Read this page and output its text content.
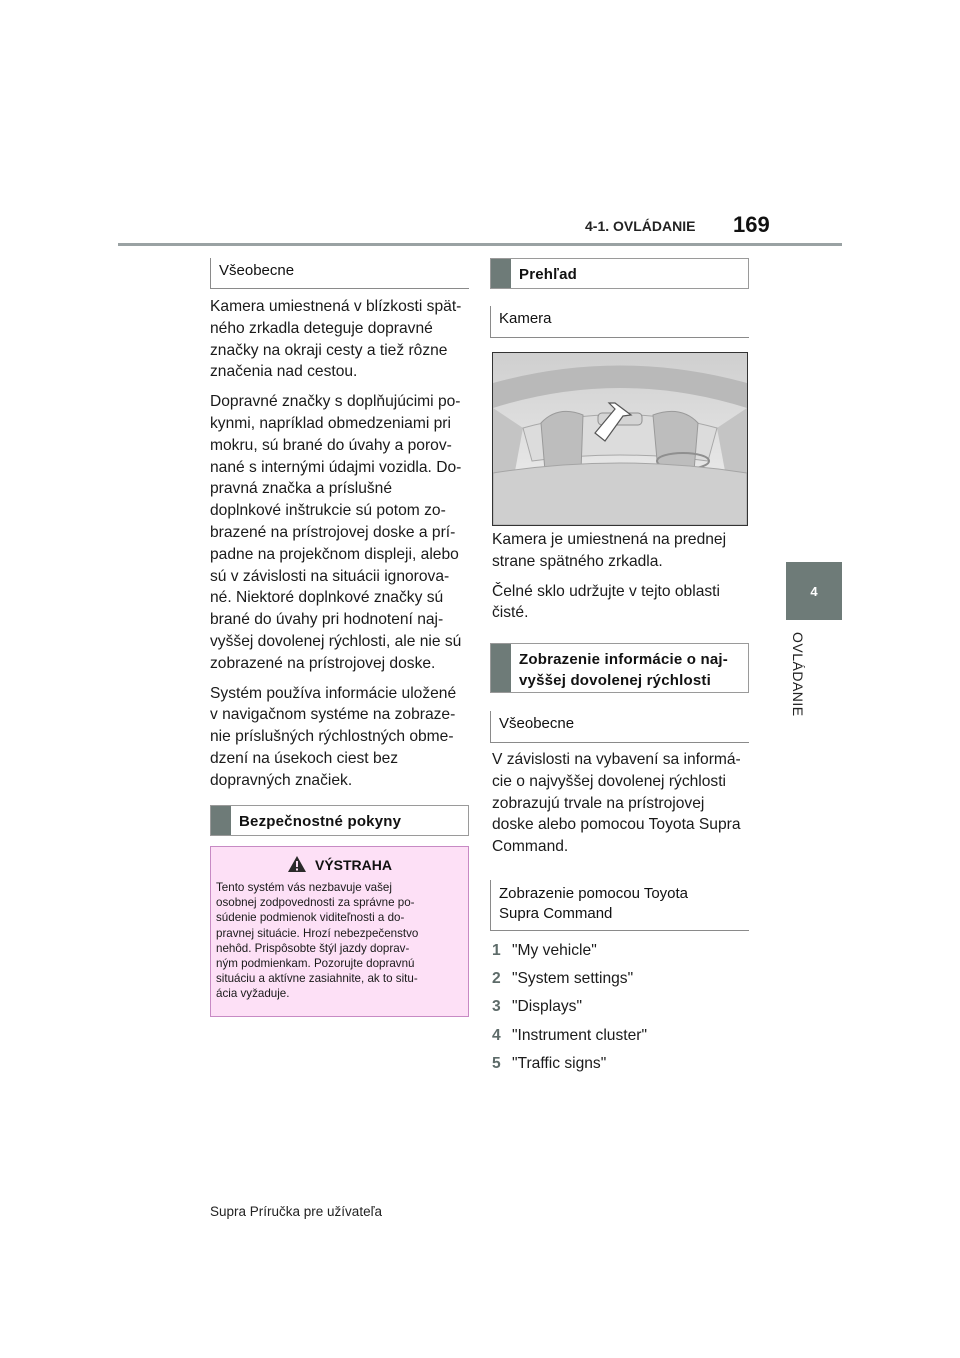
4-1. OVLÁDANIE 169
4
OVLÁDANIE
Všeobecne

Kamera umiestnená v blízkosti spät-
ného zrkadla deteguje dopravné
značky na okraji cesty a tiež rôzne
značenia nad cestou.

Dopravné značky s doplňujúcimi po-
kynmi, napríklad obmedzeniami pri
mokru, sú brané do úvahy a porov-
nané s internými údajmi vozidla. Do-
pravná značka a príslušné
doplnkové inštrukcie sú potom zo-
brazené na prístrojovej doske a prí-
padne na projekčnom displeji, alebo
sú v závislosti na situácii ignorova-
né. Niektoré doplnkové značky sú
brané do úvahy pri hodnotení naj-
vyššej dovolenej rýchlosti, ale nie sú
zobrazené na prístrojovej doske.

Systém používa informácie uložené
v navigačnom systéme na zobraze-
nie príslušných rýchlostných obme-
dzení na úsekoch ciest bez
dopravných značiek.

Bezpečnostné pokyny
VÝSTRAHA
Tento systém vás nezbavuje vašej
osobnej zodpovednosti za správne po-
súdenie podmienok viditeľnosti a do-
pravnej situácie. Hrozí nebezpečenstvo
nehôd. Prispôsobte štýl jazdy doprav-
ným podmienkam. Pozorujte dopravnú
situáciu a aktívne zasiahnite, ak to situ-
ácia vyžaduje.
Prehľad
Kamera

Kamera je umiestnená na prednej
strane spätného zrkadla.

Čelné sklo udržujte v tejto oblasti
čisté.

Zobrazenie informácie o naj-
vyššej dovolenej rýchlosti
Všeobecne

V závislosti na vybavení sa informá-
cie o najvyššej dovolenej rýchlosti
zobrazujú trvale na prístrojovej
doske alebo pomocou Toyota Supra
Command.

Zobrazenie pomocou Toyota
Supra Command
1 "My vehicle"
2 "System settings"
3 "Displays"
4 "Instrument cluster"
5 "Traffic signs"
Supra Príručka pre užívateľa
